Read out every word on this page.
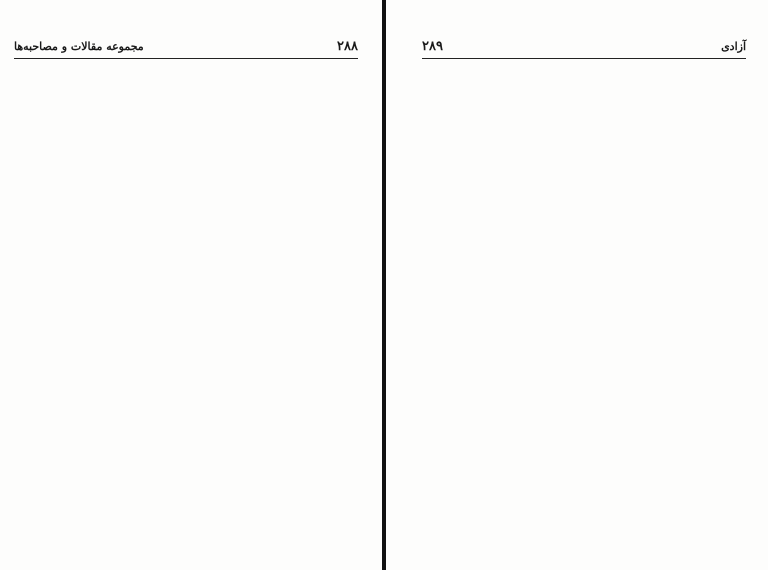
۲۸۸
مجموعه مقالات و مصاحبه‌ها	آزادی
۲۸۹
